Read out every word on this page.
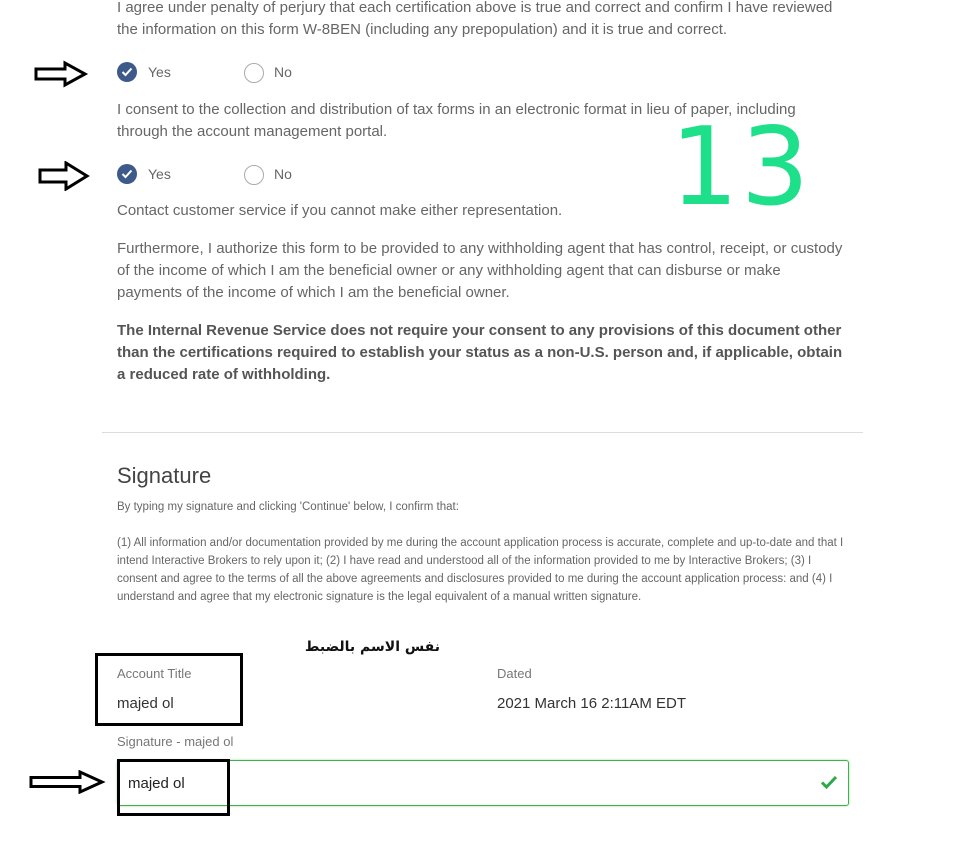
I agree under penalty of perjury that each certification above is true and correct and confirm I have reviewed the information on this form W-8BEN (including any prepopulation) and it is true and correct.

Yes	No

I consent to the collection and distribution of tax forms in an electronic format in lieu of paper, including through the account management portal.	13
Yes	No

Contact customer service if you cannot make either representation.

Furthermore, I authorize this form to be provided to any withholding agent that has control, receipt, or custody of the income of which I am the beneficial owner or any withholding agent that can disburse or make payments of the income of which I am the beneficial owner.

The Internal Revenue Service does not require your consent to any provisions of this document other than the certifications required to establish your status as a non-U.S. person and, if applicable, obtain a reduced rate of withholding.

Signature

By typing my signature and clicking 'Continue' below, I confirm that:

(1) All information and/or documentation provided by me during the account application process is accurate, complete and up-to-date and that I intend Interactive Brokers to rely upon it; (2) I have read and understood all of the information provided to me by Interactive Brokers; (3) I consent and agree to the terms of all the above agreements and disclosures provided to me during the account application process: and (4) I understand and agree that my electronic signature is the legal equivalent of a manual written signature.

نفس الاسم بالضبط
Account Title
majed ol
Dated
2021 March 16 2:11AM EDT
Signature - majed ol
majed ol
